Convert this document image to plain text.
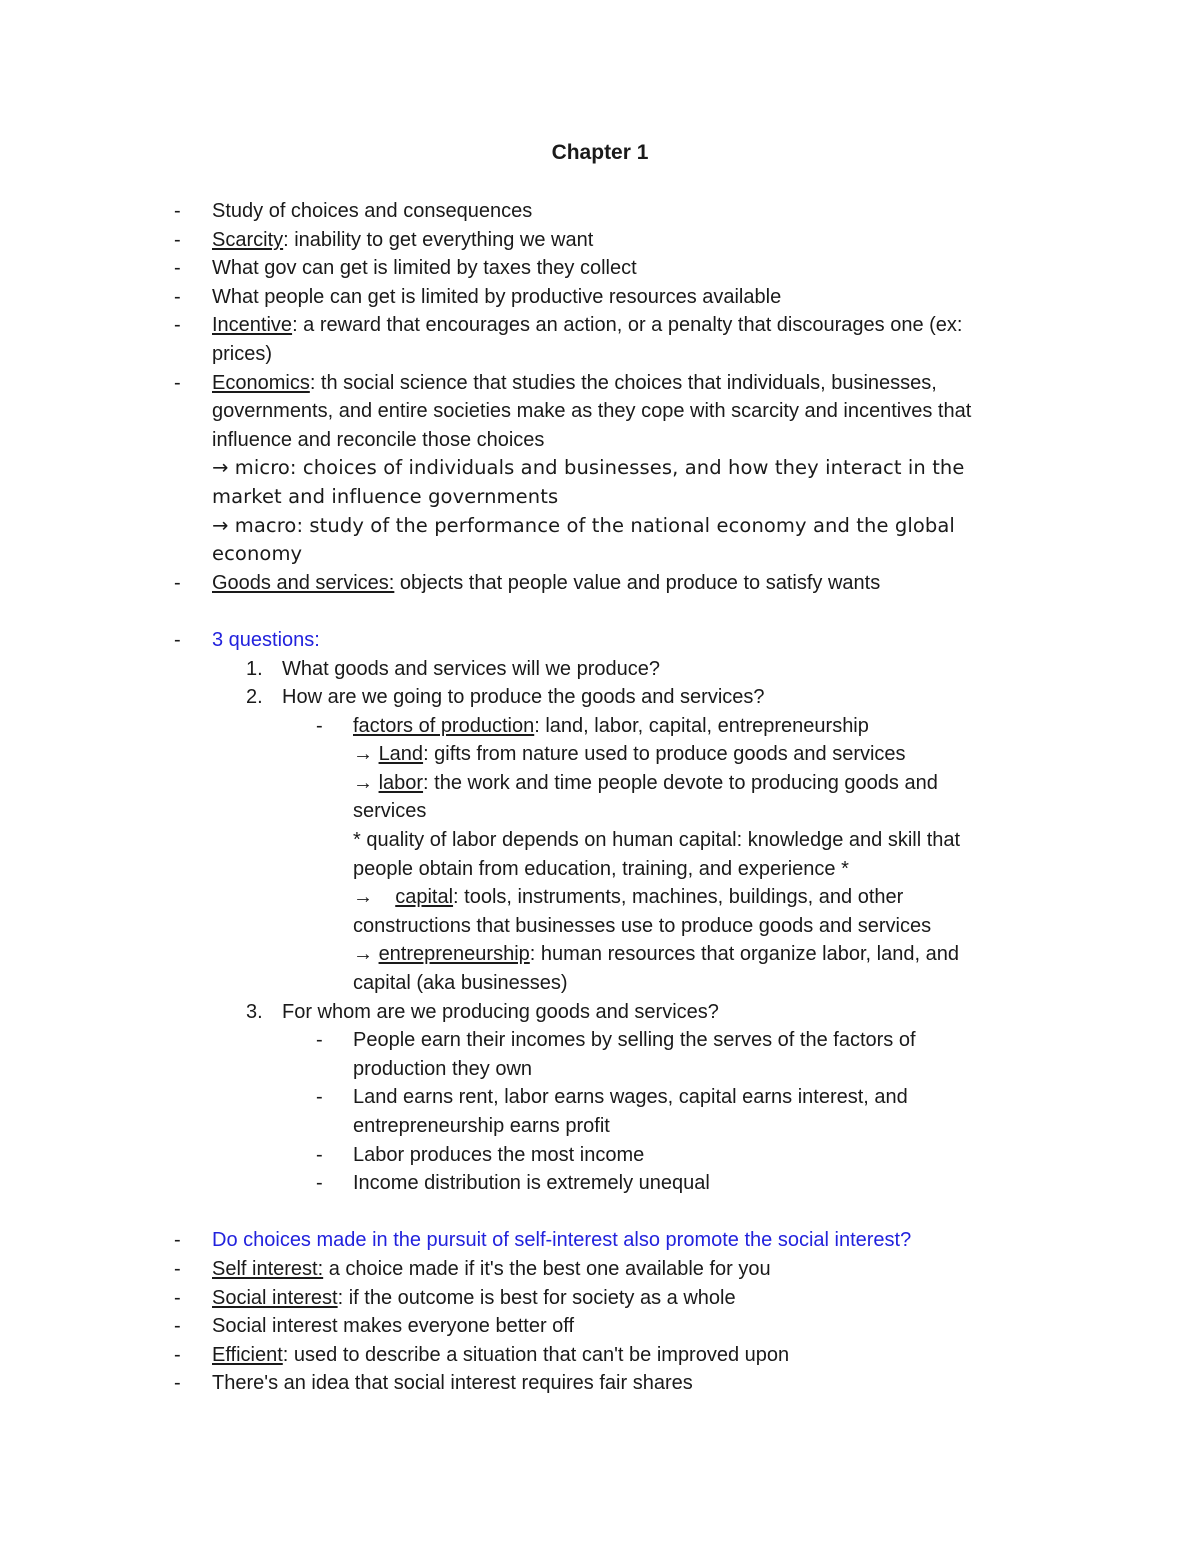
Chapter 1
- Study of choices and consequences
- Scarcity: inability to get everything we want
- What gov can get is limited by taxes they collect
- What people can get is limited by productive resources available
- Incentive: a reward that encourages an action, or a penalty that discourages one (ex:
prices)
- Economics: th social science that studies the choices that individuals, businesses,
governments, and entire societies make as they cope with scarcity and incentives that
influence and reconcile those choices
→ micro: choices of individuals and businesses, and how they interact in the
market and influence governments
→ macro: study of the performance of the national economy and the global
economy
- Goods and services: objects that people value and produce to satisfy wants
- 3 questions:
1. What goods and services will we produce?
2. How are we going to produce the goods and services?
- factors of production: land, labor, capital, entrepreneurship
→ Land: gifts from nature used to produce goods and services
→ labor: the work and time people devote to producing goods and
services
* quality of labor depends on human capital: knowledge and skill that
people obtain from education, training, and experience *
→ capital: tools, instruments, machines, buildings, and other
constructions that businesses use to produce goods and services
→ entrepreneurship: human resources that organize labor, land, and
capital (aka businesses)
3. For whom are we producing goods and services?
- People earn their incomes by selling the serves of the factors of
production they own
- Land earns rent, labor earns wages, capital earns interest, and
entrepreneurship earns profit
- Labor produces the most income
- Income distribution is extremely unequal
- Do choices made in the pursuit of self-interest also promote the social interest?
- Self interest: a choice made if it's the best one available for you
- Social interest: if the outcome is best for society as a whole
- Social interest makes everyone better off
- Efficient: used to describe a situation that can't be improved upon
- There's an idea that social interest requires fair shares
